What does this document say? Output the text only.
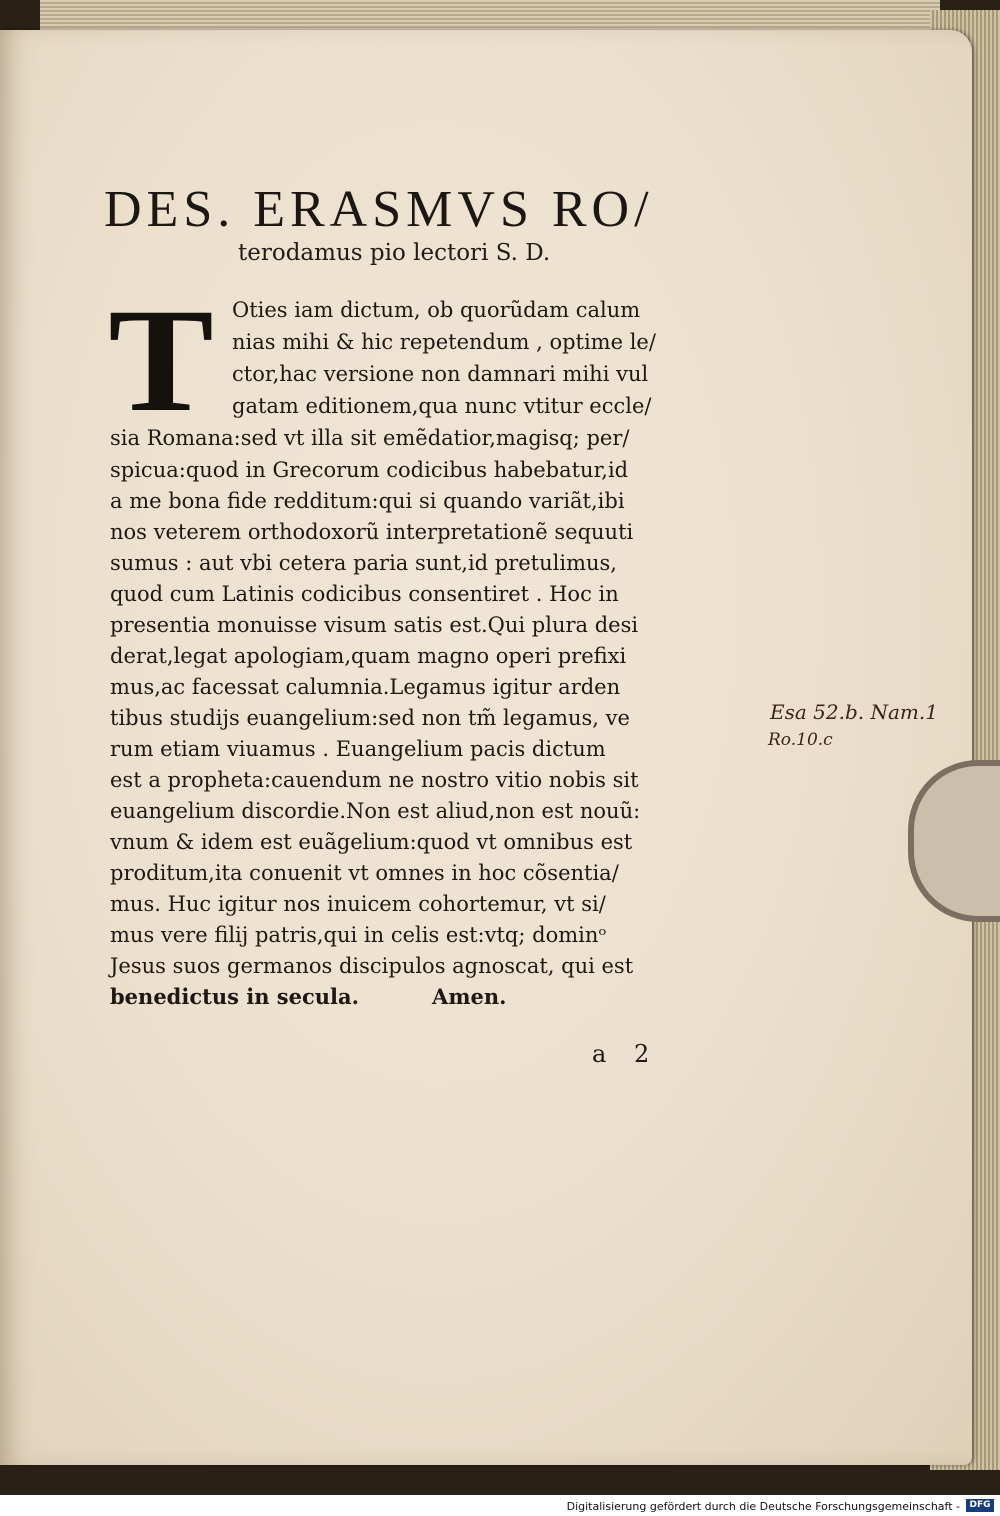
DES. ERASMVS RO/
terodamus pio lectori S. D.
T Oties iam dictum, ob quorũdam calum
nias mihi & hic repetendum , optime le/
ctor,hac versione non damnari mihi vul
gatam editionem,qua nunc vtitur eccle/
sia Romana:sed vt illa sit emẽdatior,magisq; per/
spicua:quod in Grecorum codicibus habebatur,id
a me bona fide redditum:qui si quando variãt,ibi
nos veterem orthodoxorũ interpretationẽ sequuti
sumus : aut vbi cetera paria sunt,id pretulimus,
quod cum Latinis codicibus consentiret . Hoc in
presentia monuisse visum satis est.Qui plura desi
derat,legat apologiam,quam magno operi prefixi
mus,ac facessat calumnia.Legamus igitur arden
tibus studijs euangelium:sed non tm̃ legamus, ve
rum etiam viuamus . Euangelium pacis dictum
est a propheta:cauendum ne nostro vitio nobis sit
euangelium discordie.Non est aliud,non est nouũ:
vnum & idem est euãgelium:quod vt omnibus est
proditum,ita conuenit vt omnes in hoc cõsentia/
mus. Huc igitur nos inuicem cohortemur, vt si/
mus vere filij patris,qui in celis est:vtq; dominᵒ
Jesus suos germanos discipulos agnoscat, qui est
benedictus in secula.          Amen.
a 2
Esa 52.b. Nam.1
Ro.10.c
Digitalisierung gefördert durch die Deutsche Forschungsgemeinschaft -	DFG
